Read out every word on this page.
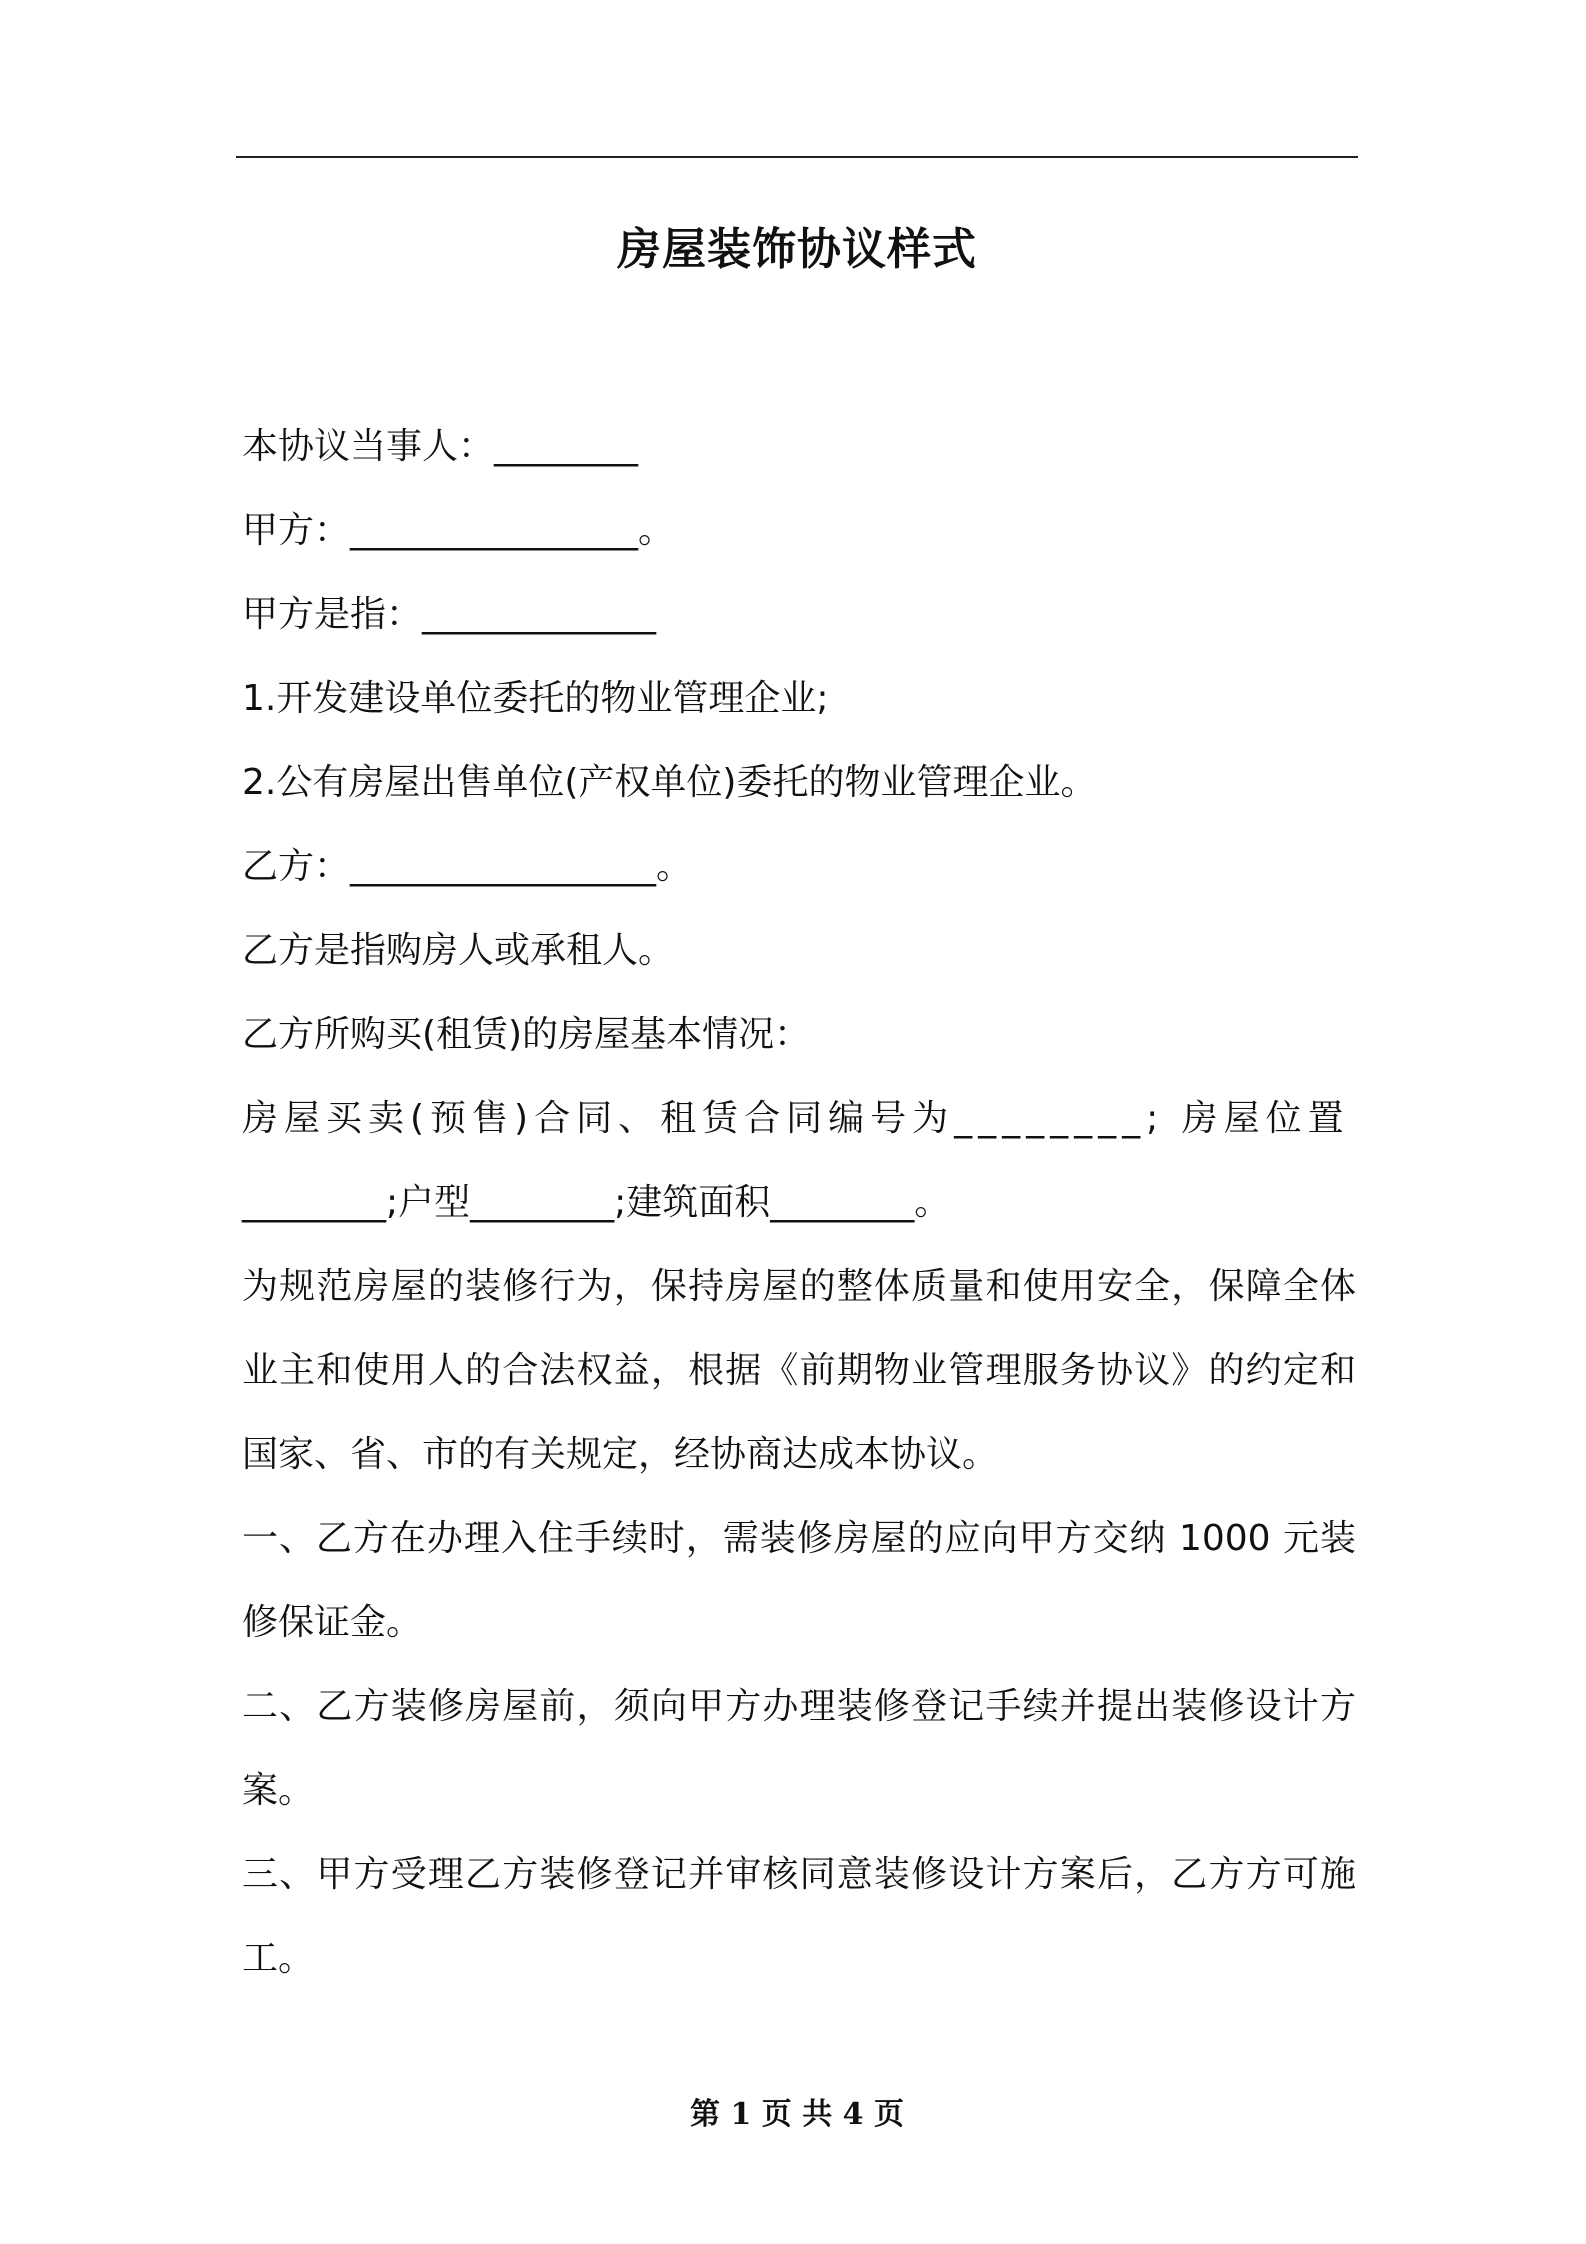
房屋装饰协议样式
本协议当事人：________
甲方：________________。
甲方是指：_____________
1.开发建设单位委托的物业管理企业;
2.公有房屋出售单位(产权单位)委托的物业管理企业。
乙方：_________________。
乙方是指购房人或承租人。
乙方所购买(租赁)的房屋基本情况：
房屋买卖(预售)合同、租赁合同编号为________; 房屋位置
________;户型________;建筑面积________。
为规范房屋的装修行为，保持房屋的整体质量和使用安全，保障全体业主和使用人的合法权益，根据《前期物业管理服务协议》的约定和国家、省、市的有关规定，经协商达成本协议。
一、乙方在办理入住手续时，需装修房屋的应向甲方交纳 1000 元装修保证金。
二、乙方装修房屋前，须向甲方办理装修登记手续并提出装修设计方案。
三、甲方受理乙方装修登记并审核同意装修设计方案后，乙方方可施工。
第 1 页 共 4 页
